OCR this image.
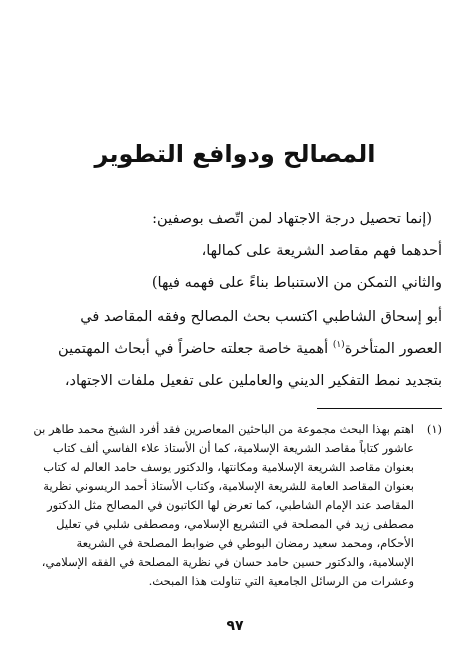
المصالح ودوافع التطوير
(إنما تحصيل درجة الاجتهاد لمن اتّصف بوصفين:
أحدهما فهم مقاصد الشريعة على كمالها،
والثاني التمكن من الاستنباط بناءً على فهمه فيها)
أبو إسحاق الشاطبي اكتسب بحث المصالح وفقه المقاصد في
العصور المتأخرة$^{(١)}$ أهمية خاصة جعلته حاضراً في أبحاث المهتمين
بتجديد نمط التفكير الديني والعاملين على تفعيل ملفات الاجتهاد،
(١)
اهتم بهذا البحث مجموعة من الباحثين المعاصرين فقد أفرد الشيخ محمد طاهر بن
عاشور كتاباً مقاصد الشريعة الإسلامية، كما أن الأستاذ علاء الفاسي ألف كتاب
بعنوان مقاصد الشريعة الإسلامية ومكانتها، والدكتور يوسف حامد العالم له كتاب
بعنوان المقاصد العامة للشريعة الإسلامية، وكتاب الأستاذ أحمد الريسوني نظرية
المقاصد عند الإمام الشاطبي، كما تعرض لها الكاتبون في المصالح مثل الدكتور
مصطفى زيد في المصلحة في التشريع الإسلامي، ومصطفى شلبي في تعليل
الأحكام، ومحمد سعيد رمضان البوطي في ضوابط المصلحة في الشريعة
الإسلامية، والدكتور حسين حامد حسان في نظرية المصلحة في الفقه الإسلامي،
وعشرات من الرسائل الجامعية التي تناولت هذا المبحث.
٩٧
